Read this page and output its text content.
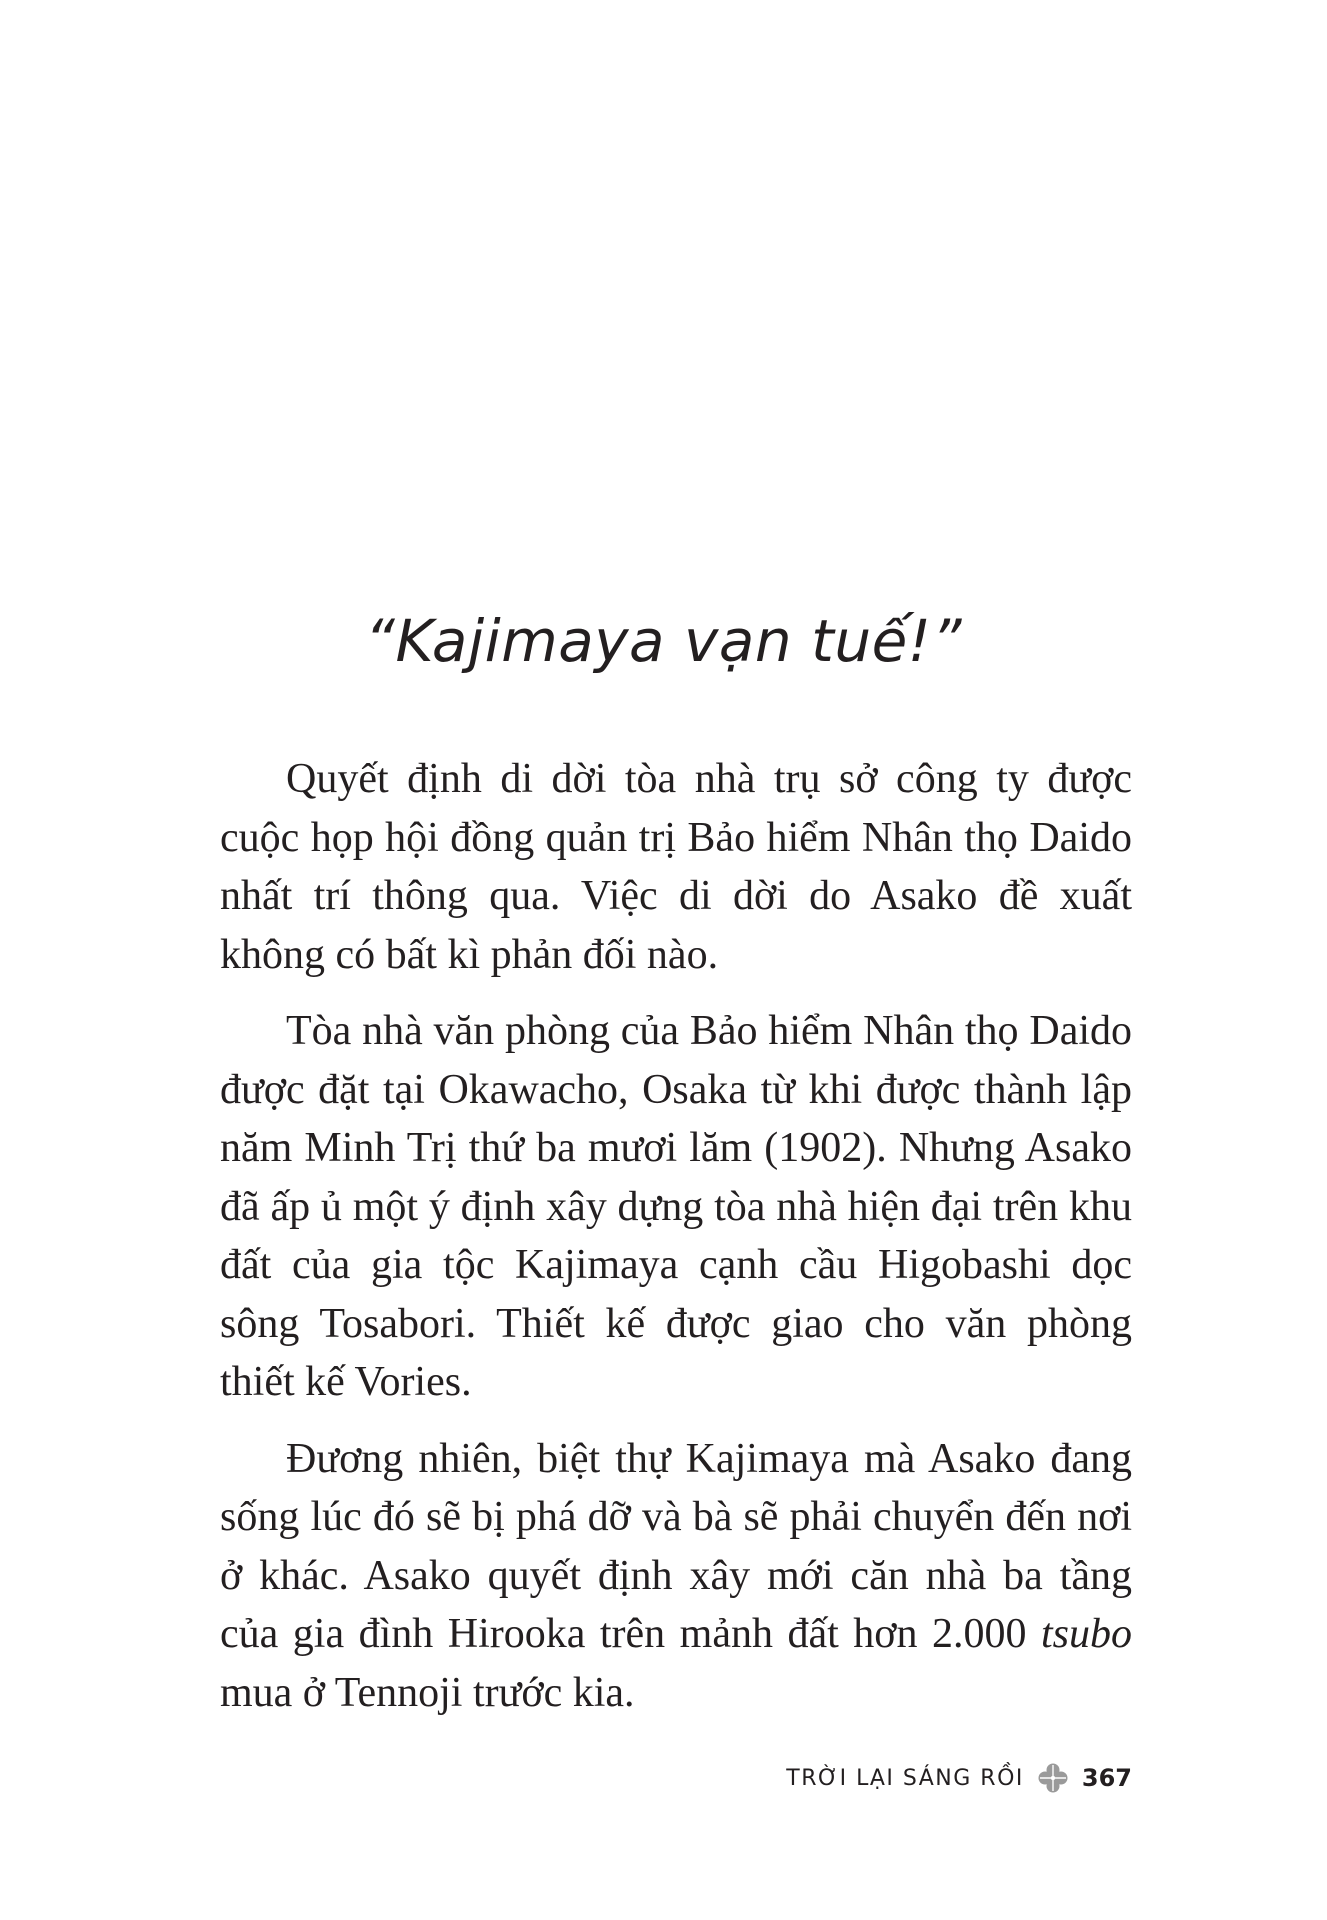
“Kajimaya vạn tuế!”

Quyết định di dời tòa nhà trụ sở công ty được cuộc họp hội đồng quản trị Bảo hiểm Nhân thọ Daido nhất trí thông qua. Việc di dời do Asako đề xuất không có bất kì phản đối nào.

Tòa nhà văn phòng của Bảo hiểm Nhân thọ Daido được đặt tại Okawacho, Osaka từ khi được thành lập năm Minh Trị thứ ba mươi lăm (1902). Nhưng Asako đã ấp ủ một ý định xây dựng tòa nhà hiện đại trên khu đất của gia tộc Kajimaya cạnh cầu Higobashi dọc sông Tosabori. Thiết kế được giao cho văn phòng thiết kế Vories.

Đương nhiên, biệt thự Kajimaya mà Asako đang sống lúc đó sẽ bị phá dỡ và bà sẽ phải chuyển đến nơi ở khác. Asako quyết định xây mới căn nhà ba tầng của gia đình Hirooka trên mảnh đất hơn 2.000 tsubo mua ở Tennoji trước kia.

TRỜI LẠI SÁNG RỒI 367
